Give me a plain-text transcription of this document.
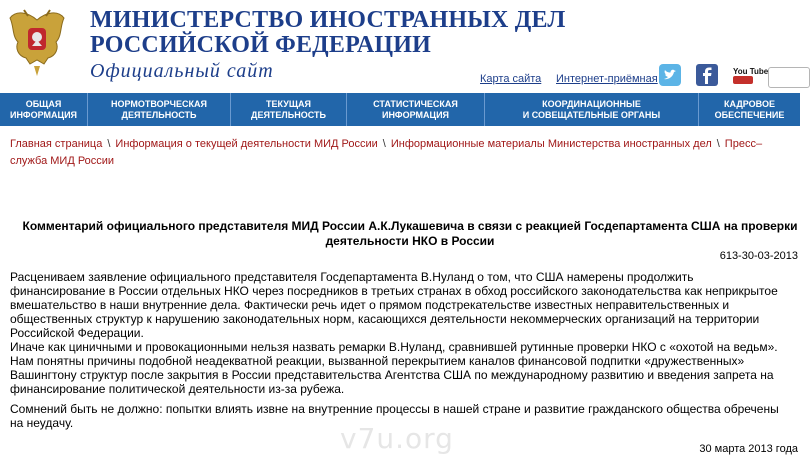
МИНИСТЕРСТВО ИНОСТРАННЫХ ДЕЛ
РОССИЙСКОЙ ФЕДЕРАЦИИ
Официальный сайт	Карта сайта Интернет-приёмная
You Tube
ОБЩАЯ
ИНФОРМАЦИЯ
НОРМОТВОРЧЕСКАЯ
ДЕЯТЕЛЬНОСТЬ
ТЕКУЩАЯ
ДЕЯТЕЛЬНОСТЬ
СТАТИСТИЧЕСКАЯ
ИНФОРМАЦИЯ
КООРДИНАЦИОННЫЕ
И СОВЕЩАТЕЛЬНЫЕ ОРГАНЫ
КАДРОВОЕ
ОБЕСПЕЧЕНИЕ
Главная страница \ Информация о текущей деятельности МИД России \ Информационные материалы Министерства иностранных дел \ Пресс–служба МИД России
Комментарий официального представителя МИД России А.К.Лукашевича в связи с реакцией Госдепартамента США на проверки деятельности НКО в России
613-30-03-2013

Расцениваем заявление официального представителя Госдепартамента В.Нуланд о том, что США намерены продолжить финансирование в России отдельных НКО через посредников в третьих странах в обход российского законодательства как неприкрытое вмешательство в наши внутренние дела. Фактически речь идет о прямом подстрекательстве известных неправительственных и общественных структур к нарушению законодательных норм, касающихся деятельности некоммерческих организаций на территории Российской Федерации.

Иначе как циничными и провокационными нельзя назвать ремарки В.Нуланд, сравнившей рутинные проверки НКО с «охотой на ведьм». Нам понятны причины подобной неадекватной реакции, вызванной перекрытием каналов финансовой подпитки «дружественных» Вашингтону структур после закрытия в России представительства Агентства США по международному развитию и введения запрета на финансирование политической деятельности из-за рубежа.

Сомнений быть не должно: попытки влиять извне на внутренние процессы в нашей стране и развитие гражданского общества обречены на неудачу.	v7u.org	30 марта 2013 года
